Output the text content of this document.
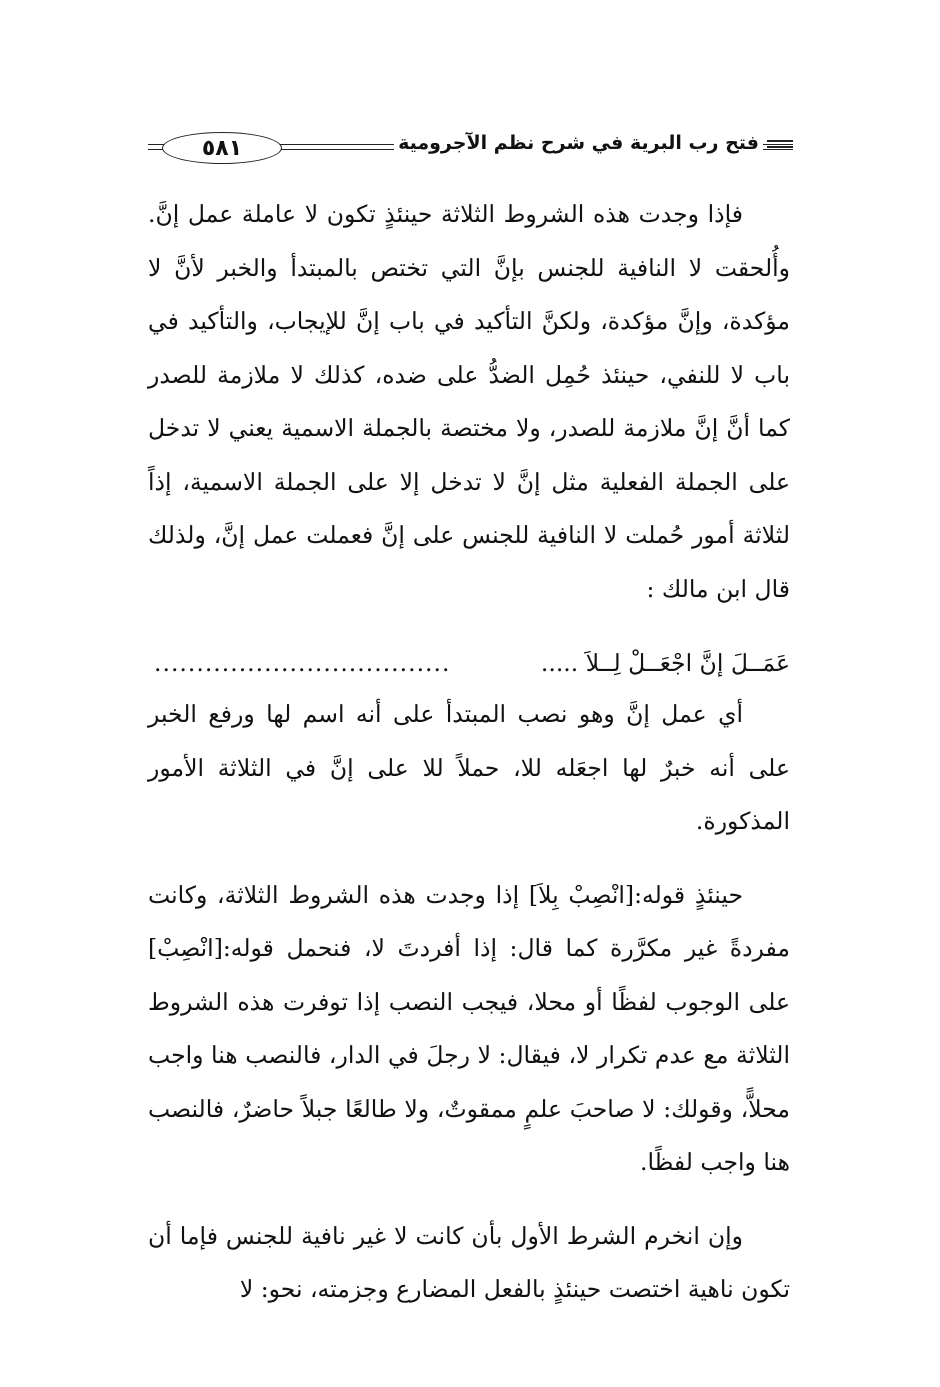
٥٨١	فتح رب البرية في شرح نظم الآجرومية

فإذا وجدت هذه الشروط الثلاثة حينئذٍ تكون لا عاملة عمل إنَّ. وأُلحقت لا النافية للجنس بإنَّ التي تختص بالمبتدأ والخبر لأنَّ لا مؤكدة، وإنَّ مؤكدة، ولكنَّ التأكيد في باب إنَّ للإيجاب، والتأكيد في باب لا للنفي، حينئذ حُمِل الضدُّ على ضده، كذلك لا ملازمة للصدر كما أنَّ إنَّ ملازمة للصدر، ولا مختصة بالجملة الاسمية يعني لا تدخل على الجملة الفعلية مثل إنَّ لا تدخل إلا على الجملة الاسمية، إذاً لثلاثة أمور حُملت لا النافية للجنس على إنَّ فعملت عمل إنَّ، ولذلك قال ابن مالك :

عَمَــلَ إنَّ اجْعَــلْ لِــلاَ .....
...................................

أي عمل إنَّ وهو نصب المبتدأ على أنه اسم لها ورفع الخبر على أنه خبرٌ لها اجعَله للا، حملاً للا على إنَّ في الثلاثة الأمور المذكورة.

حينئذٍ قوله:[انْصِبْ بِلاَ] إذا وجدت هذه الشروط الثلاثة، وكانت مفردةً غير مكرَّرة كما قال: إذا أفردتَ لا، فنحمل قوله:[انْصِبْ] على الوجوب لفظًا أو محلا، فيجب النصب إذا توفرت هذه الشروط الثلاثة مع عدم تكرار لا، فيقال: لا رجلَ في الدار، فالنصب هنا واجب محلاًّ، وقولك: لا صاحبَ علمٍ ممقوتٌ، ولا طالعًا جبلاً حاضرٌ، فالنصب هنا واجب لفظًا.

وإن انخرم الشرط الأول بأن كانت لا غير نافية للجنس فإما أن تكون ناهية اختصت حينئذٍ بالفعل المضارع وجزمته، نحو: لا
